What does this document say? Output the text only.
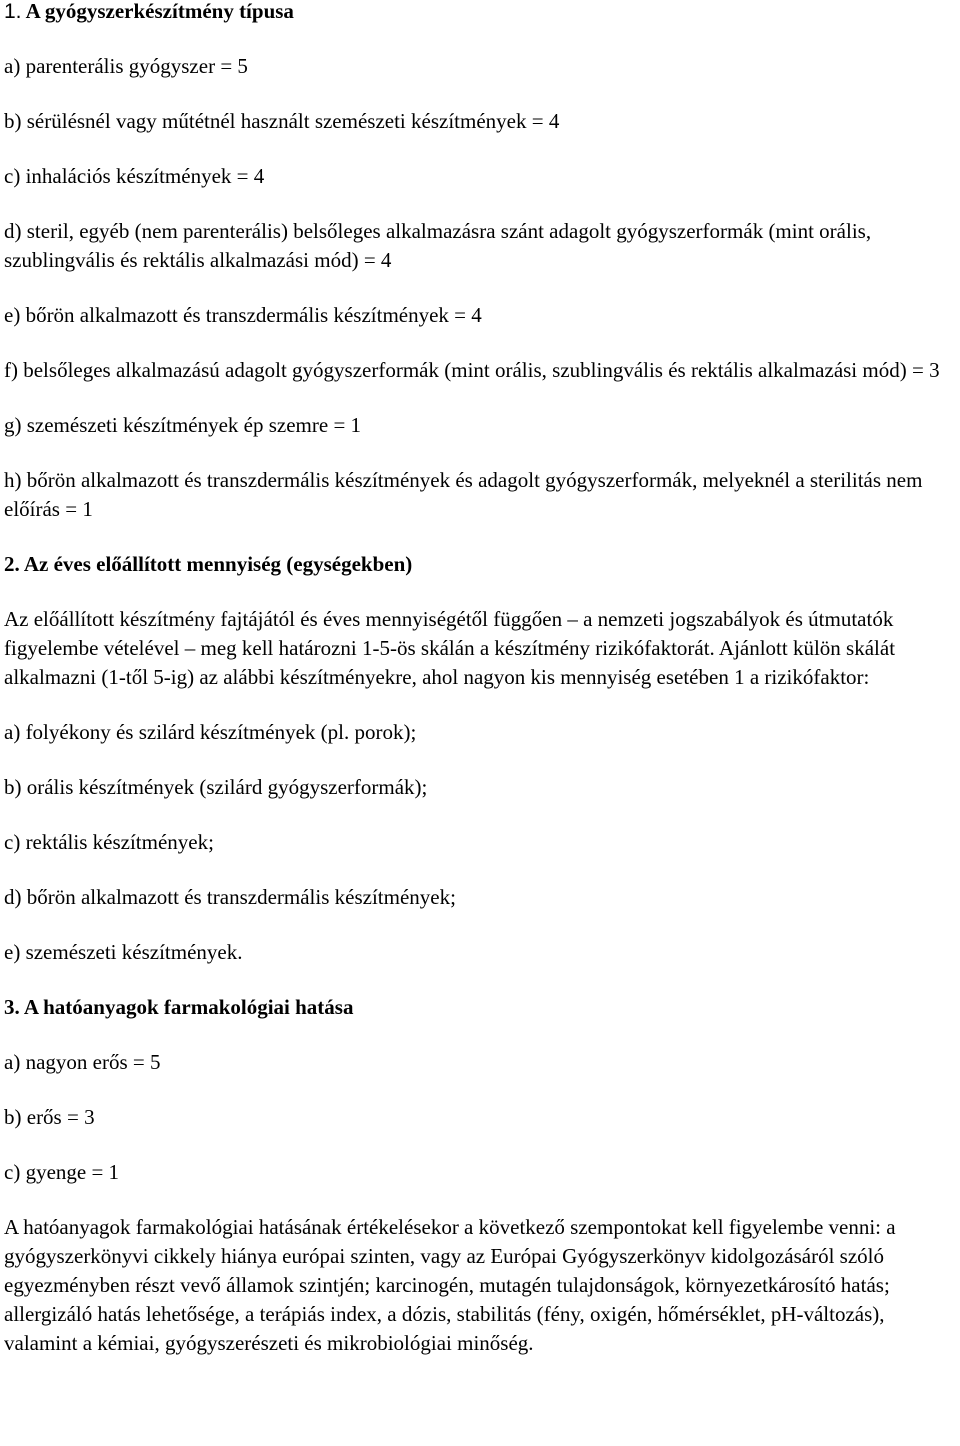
1. A gyógyszerkészítmény típusa

a) parenterális gyógyszer = 5

b) sérülésnél vagy műtétnél használt szemészeti készítmények = 4

c) inhalációs készítmények = 4

d) steril, egyéb (nem parenterális) belsőleges alkalmazásra szánt adagolt gyógyszerformák (mint orális, szublingvális és rektális alkalmazási mód) = 4

e) bőrön alkalmazott és transzdermális készítmények = 4

f) belsőleges alkalmazású adagolt gyógyszerformák (mint orális, szublingvális és rektális alkalmazási mód) = 3

g) szemészeti készítmények ép szemre = 1

h) bőrön alkalmazott és transzdermális készítmények és adagolt gyógyszerformák, melyeknél a sterilitás nem előírás = 1

2. Az éves előállított mennyiség (egységekben)

Az előállított készítmény fajtájától és éves mennyiségétől függően – a nemzeti jogszabályok és útmutatók figyelembe vételével – meg kell határozni 1-5-ös skálán a készítmény rizikófaktorát. Ajánlott külön skálát alkalmazni (1-től 5-ig) az alábbi készítményekre, ahol nagyon kis mennyiség esetében 1 a rizikófaktor:

a) folyékony és szilárd készítmények (pl. porok);

b) orális készítmények (szilárd gyógyszerformák);

c) rektális készítmények;

d) bőrön alkalmazott és transzdermális készítmények;

e) szemészeti készítmények.

3. A hatóanyagok farmakológiai hatása

a) nagyon erős = 5

b) erős = 3

c) gyenge = 1

A hatóanyagok farmakológiai hatásának értékelésekor a következő szempontokat kell figyelembe venni: a gyógyszerkönyvi cikkely hiánya európai szinten, vagy az Európai Gyógyszerkönyv kidolgozásáról szóló egyezményben részt vevő államok szintjén; karcinogén, mutagén tulajdonságok, környezetkárosító hatás; allergizáló hatás lehetősége, a terápiás index, a dózis, stabilitás (fény, oxigén, hőmérséklet, pH-változás), valamint a kémiai, gyógyszerészeti és mikrobiológiai minőség.
